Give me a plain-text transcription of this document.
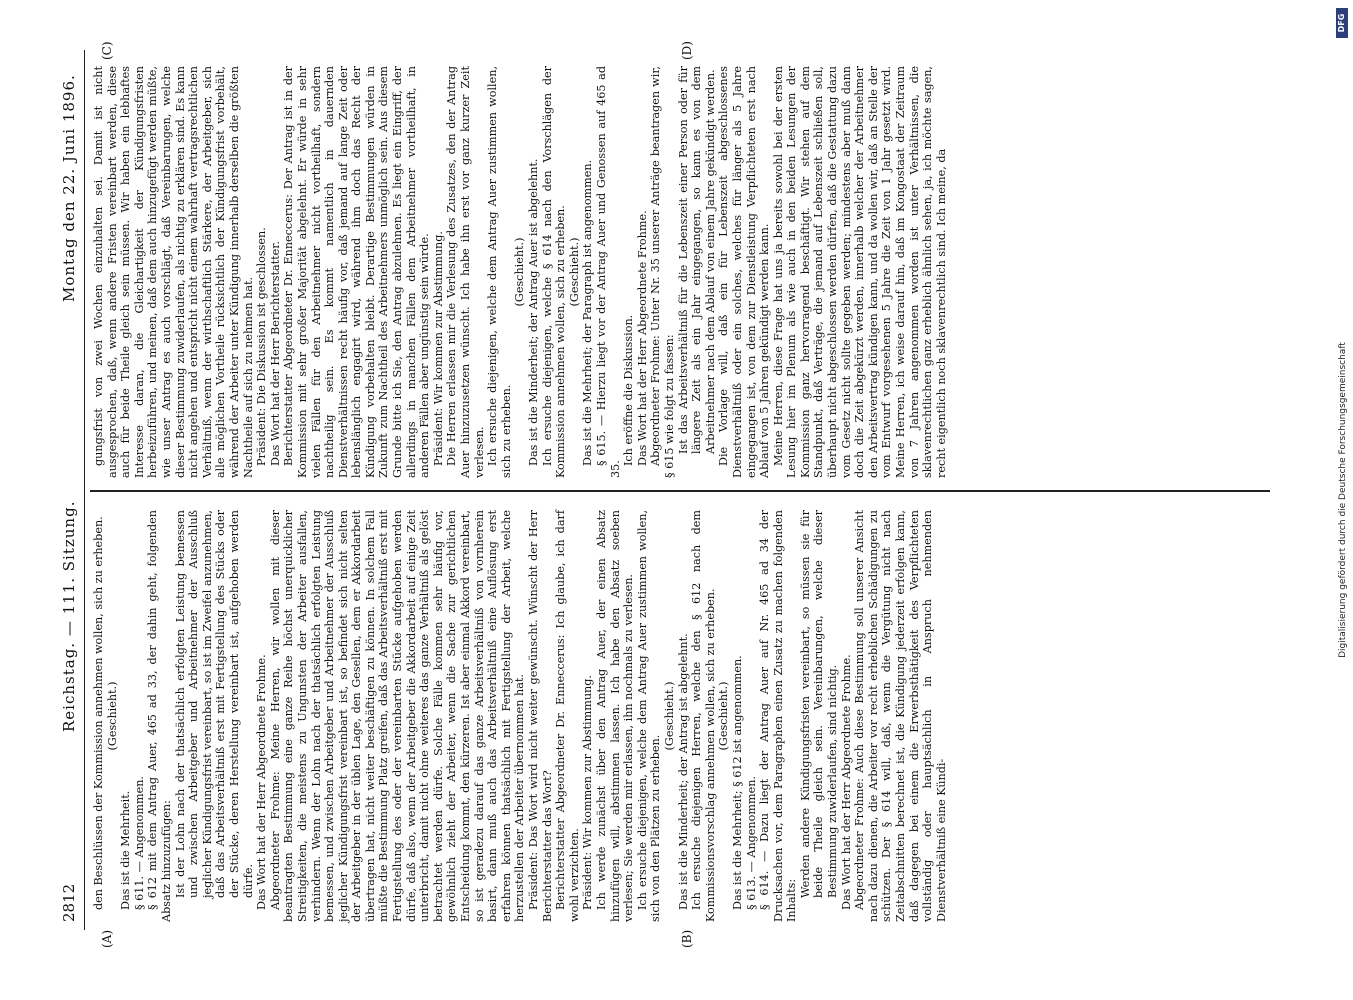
2812
Reichstag. — 111. Sitzung.
Montag den 22. Juni 1896.
(A)	(B)
(C)	(D)

den Beschlüssen der Kommission annehmen wollen, sich zu erheben. (Geschieht.)

Das ist die Mehrheit. § 611. — Angenommen. § 612 mit dem Antrag Auer, 465 ad 33, der dahin geht, folgenden Absatz hinzuzufügen: Ist der Lohn nach der thatsächlich erfolgten Leistung bemessen und zwischen Arbeitgeber und Arbeitnehmer der Ausschluß jeglicher Kündigungsfrist vereinbart, so ist im Zweifel anzunehmen, daß das Arbeitsverhältniß erst mit Fertigstellung des Stücks oder der Stücke, deren Herstellung vereinbart ist, aufgehoben werden dürfe. Das Wort hat der Herr Abgeordnete Frohme. Abgeordneter Frohme: Meine Herren, wir wollen mit dieser beantragten Bestimmung eine ganze Reihe höchst unerquicklicher Streitigkeiten, die meistens zu Ungunsten der Arbeiter ausfallen, verhindern. Wenn der Lohn nach der thatsächlich erfolgten Leistung bemessen, und zwischen Arbeitgeber und Arbeitnehmer der Ausschluß jeglicher Kündigungsfrist vereinbart ist, so befindet sich nicht selten der Arbeitgeber in der üblen Lage, den Gesellen, dem er Akkordarbeit übertragen hat, nicht weiter beschäftigen zu können. In solchem Fall müßte die Bestimmung Platz greifen, daß das Arbeitsverhältniß erst mit Fertigstellung des oder der vereinbarten Stücke aufgehoben werden dürfe, daß also, wenn der Arbeitgeber die Akkordarbeit auf einige Zeit unterbricht, damit nicht ohne weiteres das ganze Verhältniß als gelöst betrachtet werden dürfe. Solche Fälle kommen sehr häufig vor, gewöhnlich zieht der Arbeiter, wenn die Sache zur gerichtlichen Entscheidung kommt, den kürzeren. Ist aber einmal Akkord vereinbart, so ist geradezu darauf das ganze Arbeitsverhältniß von vornherein basirt, dann muß auch das Arbeitsverhältniß eine Auflösung erst erfahren können thatsächlich mit Fertigstellung der Arbeit, welche herzustellen der Arbeiter übernommen hat. Präsident: Das Wort wird nicht weiter gewünscht. Wünscht der Herr Berichterstatter das Wort? Berichterstatter Abgeordneter Dr. Enneccerus: Ich glaube, ich darf wohl verzichten. Präsident: Wir kommen zur Abstimmung. Ich werde zunächst über den Antrag Auer, der einen Absatz hinzufügen will, abstimmen lassen. Ich habe den Absatz soeben verlesen; Sie werden mir erlassen, ihn nochmals zu verlesen. Ich ersuche diejenigen, welche dem Antrag Auer zustimmen wollen, sich von den Plätzen zu erheben.

(Geschieht.) Das ist die Minderheit; der Antrag ist abgelehnt. Ich ersuche diejenigen Herren, welche den § 612 nach dem Kommissionsvorschlag annehmen wollen, sich zu erheben. (Geschieht.) Das ist die Mehrheit; § 612 ist angenommen. § 613. — Angenommen. § 614. — Dazu liegt der Antrag Auer auf Nr. 465 ad 34 der Drucksachen vor, dem Paragraphen einen Zusatz zu machen folgenden Inhalts:

Werden andere Kündigungsfristen vereinbart, so müssen sie für beide Theile gleich sein. Vereinbarungen, welche dieser Bestimmung zuwiderlaufen, sind nichtig. Das Wort hat der Herr Abgeordnete Frohme. Abgeordneter Frohme: Auch diese Bestimmung soll unserer Ansicht nach dazu dienen, die Arbeiter vor recht erheblichen Schädigungen zu schützen. Der § 614 will, daß, wenn die Vergütung nicht nach Zeitabschnitten berechnet ist, die Kündigung jederzeit erfolgen kann, daß dagegen bei einem die Erwerbsthätigkeit des Verpflichteten vollständig oder hauptsächlich in Anspruch nehmenden Dienstverhältniß eine Kündi-

gungsfrist von zwei Wochen einzuhalten sei. Damit ist nicht ausgesprochen, daß, wenn andere Fristen vereinbart werden, diese auch für beide Theile gleich sein müssen. Wir haben ein lebhaftes Interesse daran, die Gleichartigkeit der Kündigungsfristen herbeizuführen, und meinen, daß dem auch hinzugefügt werden müßte, wie unser Antrag es auch vorschlägt, daß Vereinbarungen, welche dieser Bestimmung zuwiderlaufen, als nichtig zu erklären sind. Es kann nicht angehen und entspricht nicht einem wahrhaft vertragsrechtlichen Verhältniß, wenn der wirthschaftlich Stärkere, der Arbeitgeber, sich alle möglichen Vortheile rücksichtlich der Kündigungsfrist vorbehält, während der Arbeiter unter Kündigung innerhalb derselben die größten Nachtheile auf sich zu nehmen hat. Präsident: Die Diskussion ist geschlossen. Das Wort hat der Herr Berichterstatter. Berichterstatter Abgeordneter Dr. Enneccerus: Der Antrag ist in der Kommission mit sehr großer Majorität abgelehnt. Er würde in sehr vielen Fällen für den Arbeitnehmer nicht vortheilhaft, sondern nachtheilig sein. Es kommt namentlich in dauernden Dienstverhältnissen recht häufig vor, daß jemand auf lange Zeit oder lebenslänglich engagirt wird, während ihm doch das Recht der Kündigung vorbehalten bleibt. Derartige Bestimmungen würden in Zukunft zum Nachtheil des Arbeitnehmers unmöglich sein. Aus diesem Grunde bitte ich Sie, den Antrag abzulehnen. Es liegt ein Eingriff, der allerdings in manchen Fällen dem Arbeitnehmer vortheilhaft, in anderen Fällen aber ungünstig sein würde. Präsident: Wir kommen zur Abstimmung. Die Herren erlassen mir die Verlesung des Zusatzes, den der Antrag Auer hinzuzusetzen wünscht. Ich habe ihn erst vor ganz kurzer Zeit verlesen. Ich ersuche diejenigen, welche dem Antrag Auer zustimmen wollen, sich zu erheben.

(Geschieht.) Das ist die Minderheit; der Antrag Auer ist abgelehnt. Ich ersuche diejenigen, welche § 614 nach den Vorschlägen der Kommission annehmen wollen, sich zu erheben. (Geschieht.) Das ist die Mehrheit; der Paragraph ist angenommen. § 615. — Hierzu liegt vor der Antrag Auer und Genossen auf 465 ad 35.

Ich eröffne die Diskussion. Das Wort hat der Herr Abgeordnete Frohme. Abgeordneter Frohme: Unter Nr. 35 unserer Anträge beantragen wir, § 615 wie folgt zu fassen: Ist das Arbeitsverhältniß für die Lebenszeit einer Person oder für längere Zeit als ein Jahr eingegangen, so kann es von dem Arbeitnehmer nach dem Ablauf von einem Jahre gekündigt werden. Die Vorlage will, daß ein für Lebenszeit abgeschlossenes Dienstverhältniß oder ein solches, welches für länger als 5 Jahre eingegangen ist, von dem zur Dienstleistung Verpflichteten erst nach Ablauf von 5 Jahren gekündigt werden kann. Meine Herren, diese Frage hat uns ja bereits sowohl bei der ersten Lesung hier im Plenum als wie auch in den beiden Lesungen der Kommission ganz hervorragend beschäftigt. Wir stehen auf dem Standpunkt, daß Verträge, die jemand auf Lebenszeit schließen soll, überhaupt nicht abgeschlossen werden dürfen, daß die Gestattung dazu vom Gesetz nicht sollte gegeben werden; mindestens aber muß dann doch die Zeit abgekürzt werden, innerhalb welcher der Arbeitnehmer den Arbeitsvertrag kündigen kann, und da wollen wir, daß an Stelle der vom Entwurf vorgesehenen 5 Jahre die Zeit von 1 Jahr gesetzt wird. Meine Herren, ich weise darauf hin, daß im Kongostaat der Zeitraum von 7 Jahren angenommen worden ist unter Verhältnissen, die sklavenrechtlichen ganz erheblich ähnlich sehen, ja, ich möchte sagen, recht eigentlich noch sklavenrechtlich sind. Ich meine, da

Digitalisierung gefördert durch die Deutsche Forschungsgemeinschaft
DFG
